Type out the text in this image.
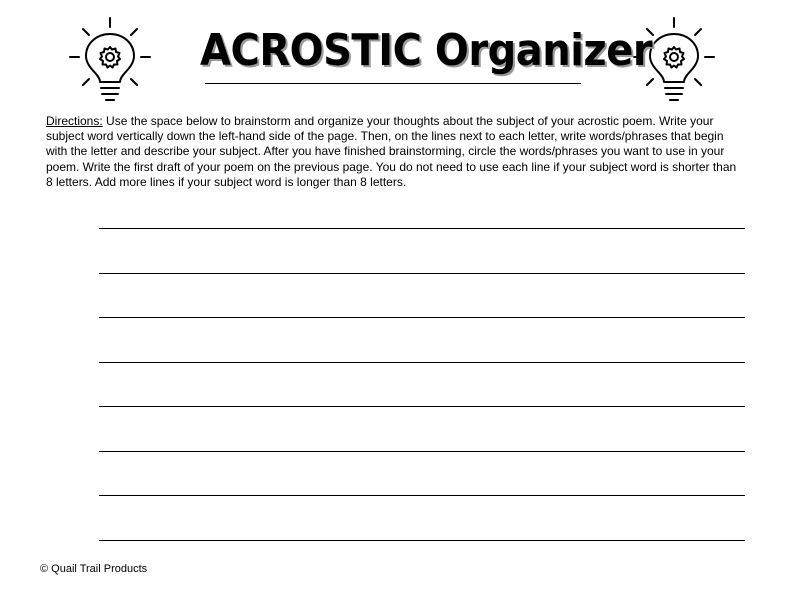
ACROSTIC Organizer
Directions: Use the space below to brainstorm and organize your thoughts about the subject of your acrostic poem. Write your subject word vertically down the left-hand side of the page. Then, on the lines next to each letter, write words/phrases that begin with the letter and describe your subject. After you have finished brainstorming, circle the words/phrases you want to use in your poem. Write the first draft of your poem on the previous page. You do not need to use each line if your subject word is shorter than 8 letters. Add more lines if your subject word is longer than 8 letters.
© Quail Trail Products
